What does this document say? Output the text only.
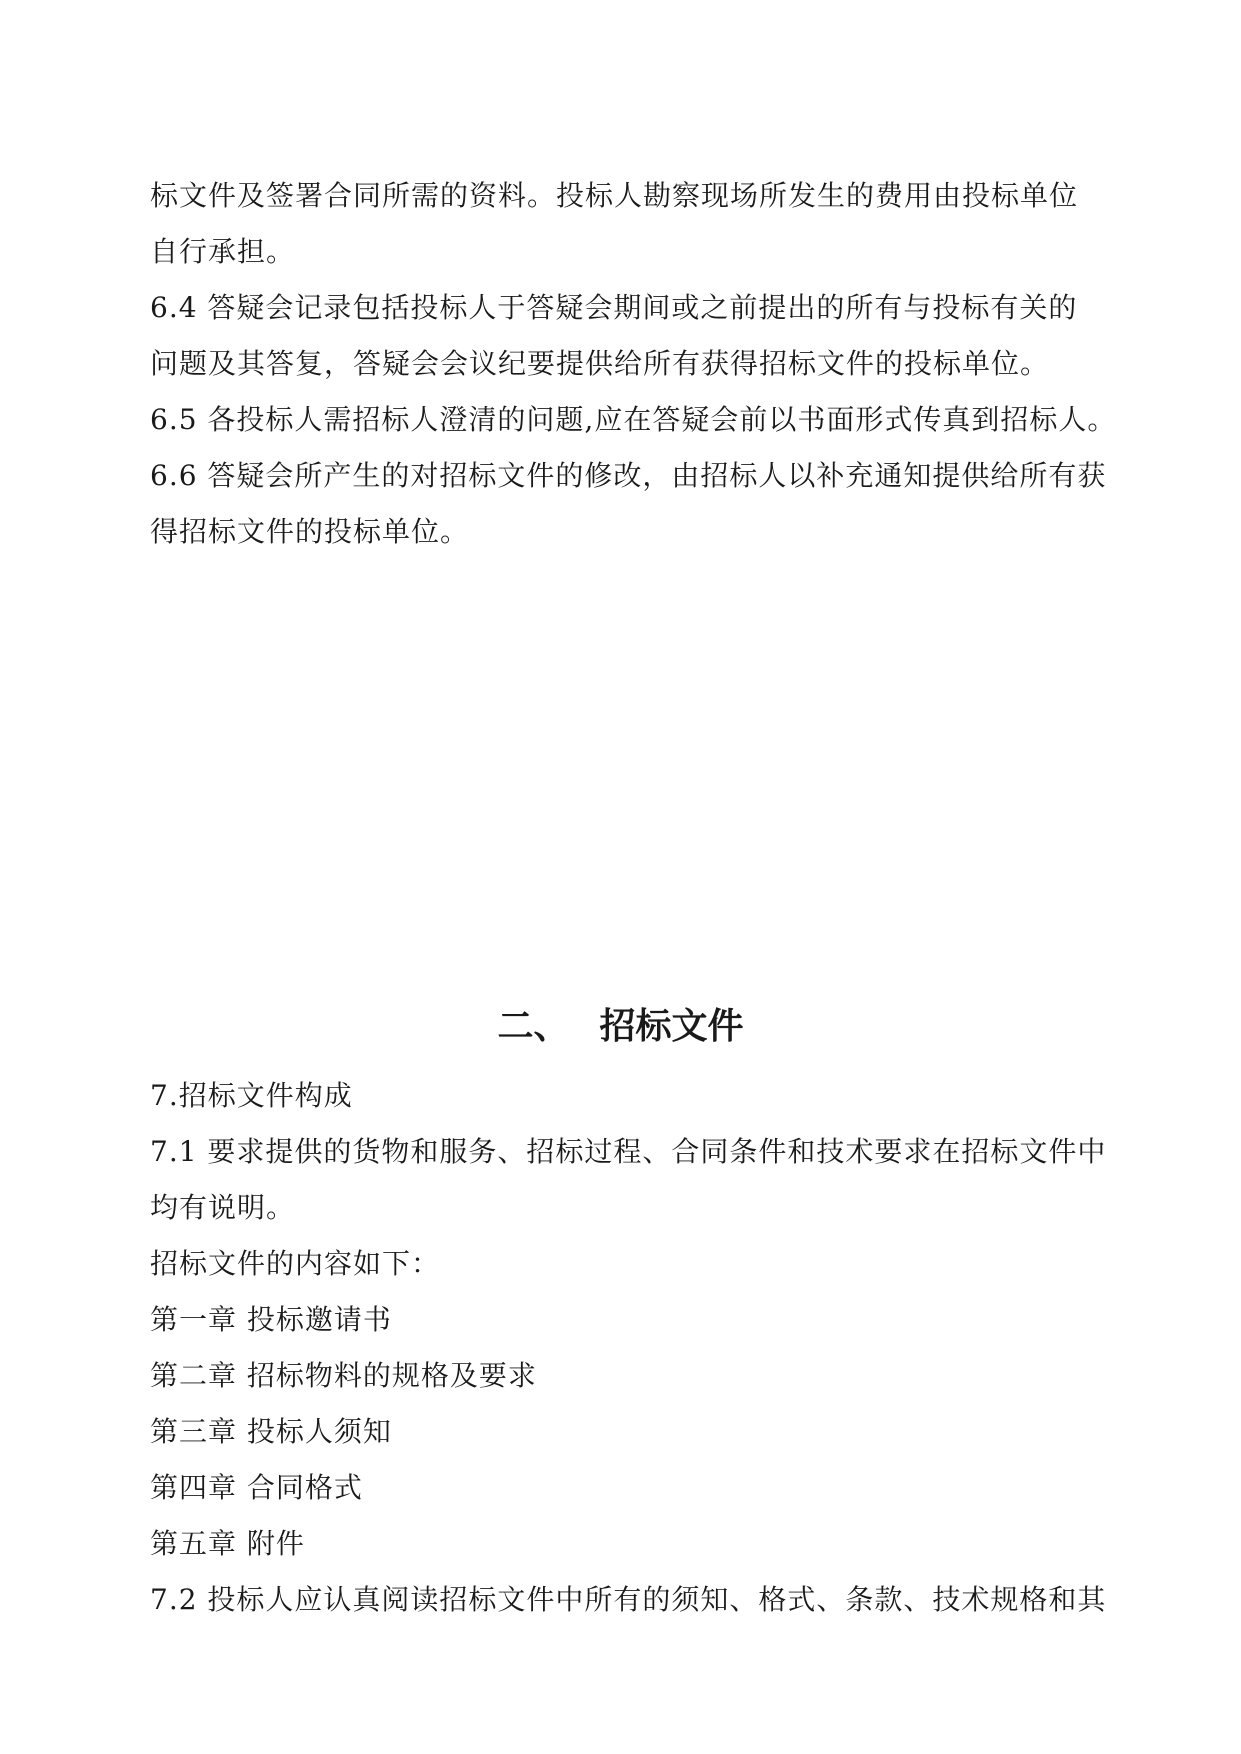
标文件及签署合同所需的资料。投标人勘察现场所发生的费用由投标单位
自行承担。
6.4 答疑会记录包括投标人于答疑会期间或之前提出的所有与投标有关的
问题及其答复，答疑会会议纪要提供给所有获得招标文件的投标单位。
6.5 各投标人需招标人澄清的问题,应在答疑会前以书面形式传真到招标人。
6.6 答疑会所产生的对招标文件的修改，由招标人以补充通知提供给所有获
得招标文件的投标单位。
二、 招标文件
7.招标文件构成
7.1 要求提供的货物和服务、招标过程、合同条件和技术要求在招标文件中
均有说明。
招标文件的内容如下：
第一章 投标邀请书
第二章 招标物料的规格及要求
第三章 投标人须知
第四章 合同格式
第五章 附件
7.2 投标人应认真阅读招标文件中所有的须知、格式、条款、技术规格和其
